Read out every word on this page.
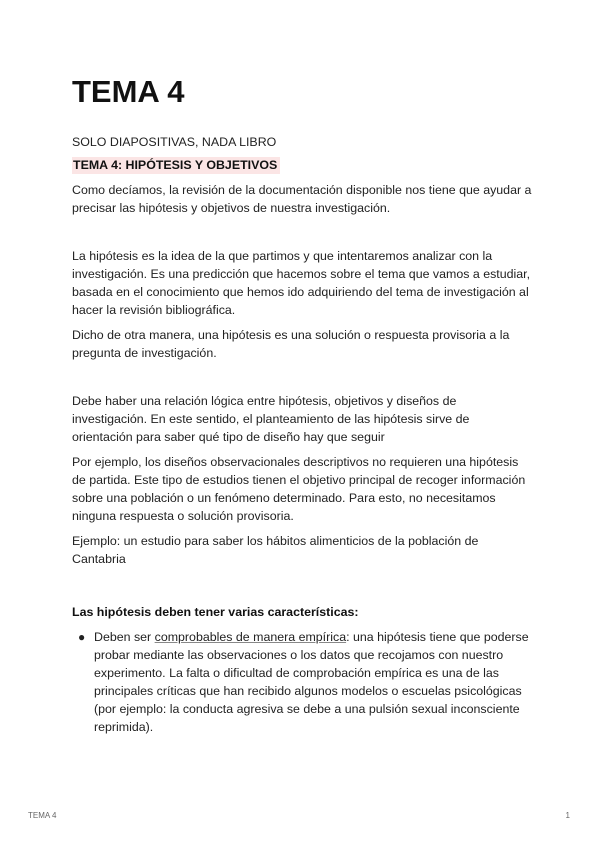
TEMA 4

SOLO DIAPOSITIVAS, NADA LIBRO

TEMA 4: HIPÓTESIS Y OBJETIVOS

Como decíamos, la revisión de la documentación disponible nos tiene que ayudar a precisar las hipótesis y objetivos de nuestra investigación.

La hipótesis es la idea de la que partimos y que intentaremos analizar con la investigación. Es una predicción que hacemos sobre el tema que vamos a estudiar, basada en el conocimiento que hemos ido adquiriendo del tema de investigación al hacer la revisión bibliográfica.

Dicho de otra manera, una hipótesis es una solución o respuesta provisoria a la pregunta de investigación.

Debe haber una relación lógica entre hipótesis, objetivos y diseños de investigación. En este sentido, el planteamiento de las hipótesis sirve de orientación para saber qué tipo de diseño hay que seguir

Por ejemplo, los diseños observacionales descriptivos no requieren una hipótesis de partida. Este tipo de estudios tienen el objetivo principal de recoger información sobre una población o un fenómeno determinado. Para esto, no necesitamos ninguna respuesta o solución provisoria.

Ejemplo: un estudio para saber los hábitos alimenticios de la población de Cantabria

Las hipótesis deben tener varias características:

● Deben ser comprobables de manera empírica: una hipótesis tiene que poderse probar mediante las observaciones o los datos que recojamos con nuestro experimento. La falta o dificultad de comprobación empírica es una de las principales críticas que han recibido algunos modelos o escuelas psicológicas (por ejemplo: la conducta agresiva se debe a una pulsión sexual inconsciente reprimida).
TEMA 4	1
